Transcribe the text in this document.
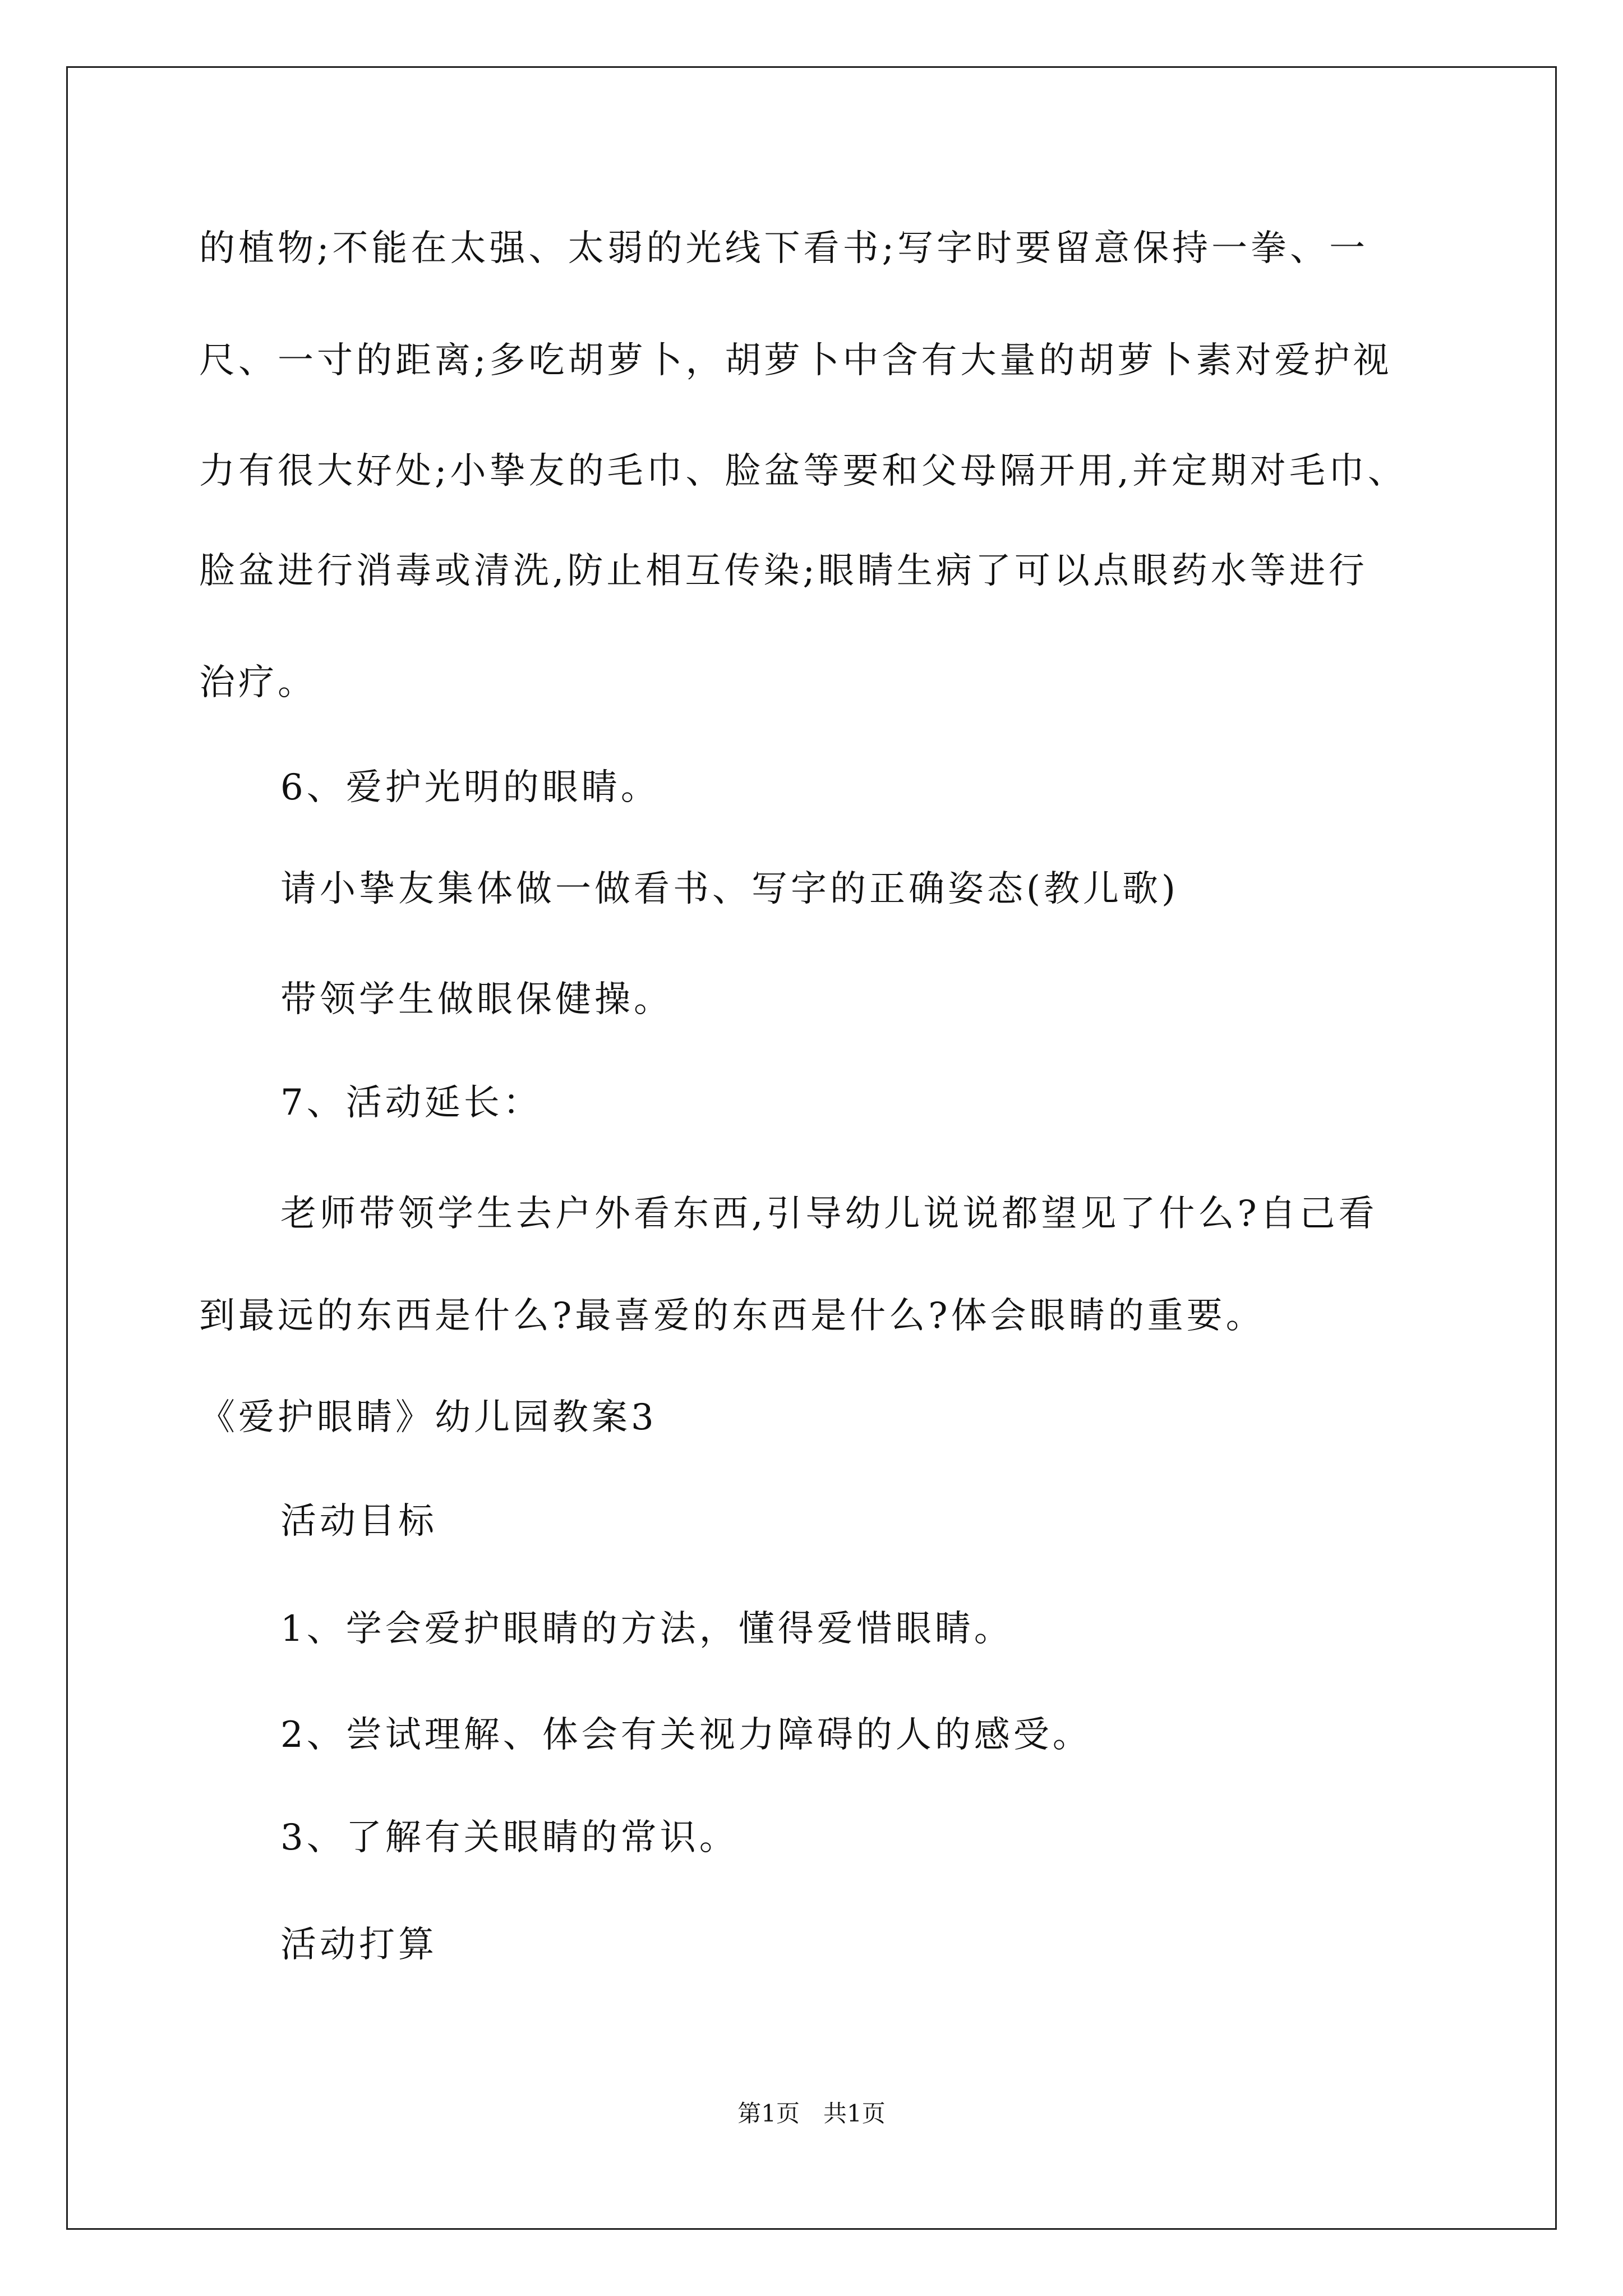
的植物;不能在太强、太弱的光线下看书;写字时要留意保持一拳、一
尺、一寸的距离;多吃胡萝卜，胡萝卜中含有大量的胡萝卜素对爱护视
力有很大好处;小挚友的毛巾、脸盆等要和父母隔开用,并定期对毛巾、
脸盆进行消毒或清洗,防止相互传染;眼睛生病了可以点眼药水等进行
治疗。
6、爱护光明的眼睛。
请小挚友集体做一做看书、写字的正确姿态(教儿歌)
带领学生做眼保健操。
7、活动延长：
老师带领学生去户外看东西,引导幼儿说说都望见了什么?自己看
到最远的东西是什么?最喜爱的东西是什么?体会眼睛的重要。
《爱护眼睛》幼儿园教案3
活动目标
1、学会爱护眼睛的方法，懂得爱惜眼睛。
2、尝试理解、体会有关视力障碍的人的感受。
3、了解有关眼睛的常识。
活动打算
第1页　共1页
